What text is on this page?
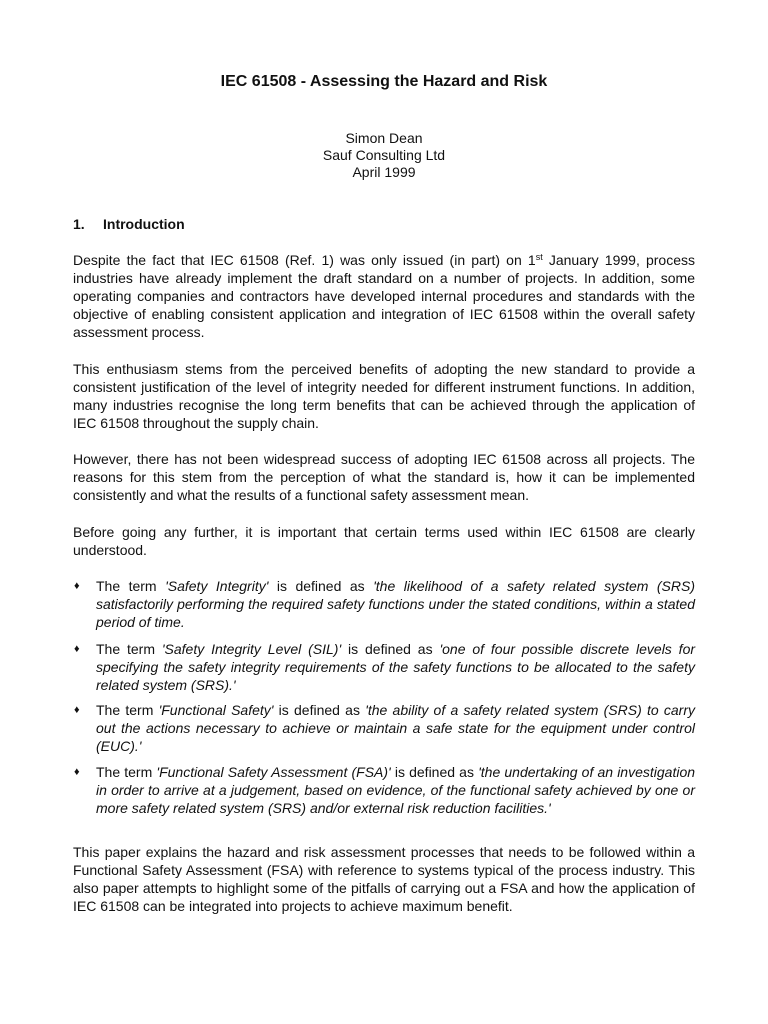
IEC 61508 - Assessing the Hazard and Risk
Simon Dean
Sauf Consulting Ltd
April 1999
1. Introduction
Despite the fact that IEC 61508 (Ref. 1) was only issued (in part) on 1st January 1999, process industries have already implement the draft standard on a number of projects. In addition, some operating companies and contractors have developed internal procedures and standards with the objective of enabling consistent application and integration of IEC 61508 within the overall safety assessment process.
This enthusiasm stems from the perceived benefits of adopting the new standard to provide a consistent justification of the level of integrity needed for different instrument functions. In addition, many industries recognise the long term benefits that can be achieved through the application of IEC 61508 throughout the supply chain.
However, there has not been widespread success of adopting IEC 61508 across all projects. The reasons for this stem from the perception of what the standard is, how it can be implemented consistently and what the results of a functional safety assessment mean.
Before going any further, it is important that certain terms used within IEC 61508 are clearly understood.
♦ The term 'Safety Integrity' is defined as 'the likelihood of a safety related system (SRS) satisfactorily performing the required safety functions under the stated conditions, within a stated period of time.
♦ The term 'Safety Integrity Level (SIL)' is defined as 'one of four possible discrete levels for specifying the safety integrity requirements of the safety functions to be allocated to the safety related system (SRS).'
♦ The term 'Functional Safety' is defined as 'the ability of a safety related system (SRS) to carry out the actions necessary to achieve or maintain a safe state for the equipment under control (EUC).'
♦ The term 'Functional Safety Assessment (FSA)' is defined as 'the undertaking of an investigation in order to arrive at a judgement, based on evidence, of the functional safety achieved by one or more safety related system (SRS) and/or external risk reduction facilities.'
This paper explains the hazard and risk assessment processes that needs to be followed within a Functional Safety Assessment (FSA) with reference to systems typical of the process industry. This also paper attempts to highlight some of the pitfalls of carrying out a FSA and how the application of IEC 61508 can be integrated into projects to achieve maximum benefit.
